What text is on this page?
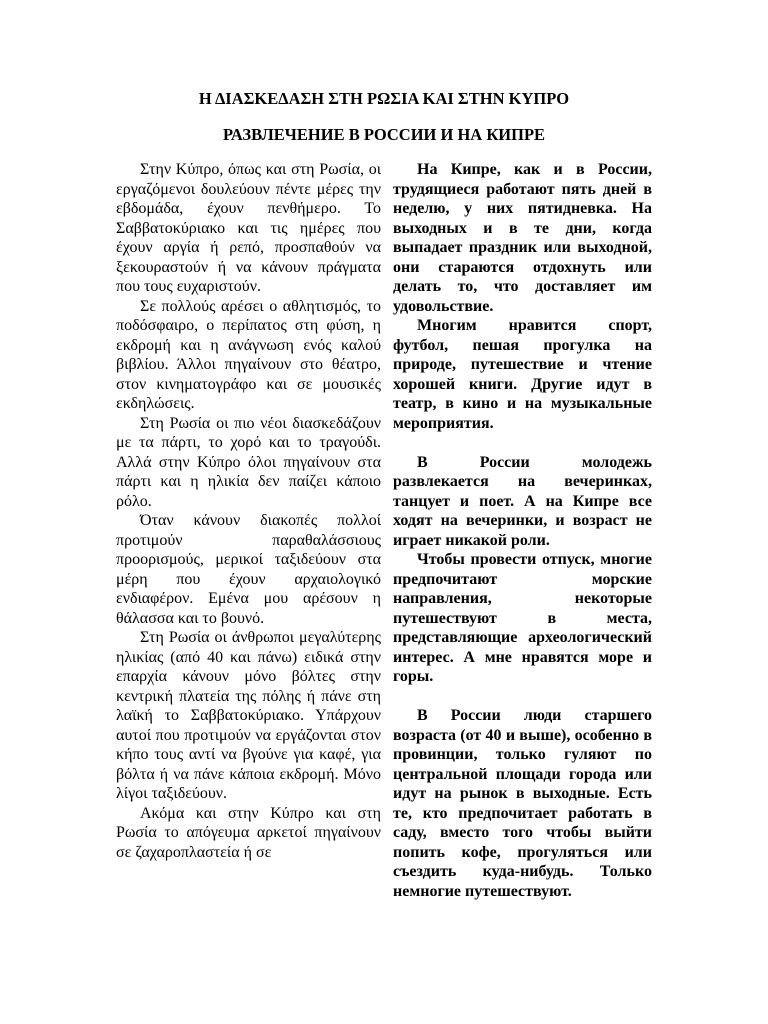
Η ΔΙΑΣΚΕΔΑΣΗ ΣΤΗ ΡΩΣΙΑ ΚΑΙ ΣΤΗΝ ΚΥΠΡΟ
РАЗВЛЕЧЕНИЕ В РОССИИ И НА КИПРЕ

Στην Κύπρο, όπως και στη Ρωσία, οι εργαζόμενοι δουλεύουν πέντε μέρες την εβδομάδα, έχουν πενθήμερο. Το Σαββατοκύριακο και τις ημέρες που έχουν αργία ή ρεπό, προσπαθούν να ξεκουραστούν ή να κάνουν πράγματα που τους ευχαριστούν.

Σε πολλούς αρέσει ο αθλητισμός, το ποδόσφαιρο, ο περίπατος στη φύση, η εκδρομή και η ανάγνωση ενός καλού βιβλίου. Άλλοι πηγαίνουν στο θέατρο, στον κινηματογράφο και σε μουσικές εκδηλώσεις.

Στη Ρωσία οι πιο νέοι διασκεδάζουν με τα πάρτι, το χορό και το τραγούδι. Αλλά στην Κύπρο όλοι πηγαίνουν στα πάρτι και η ηλικία δεν παίζει κάποιο ρόλο.

Όταν κάνουν διακοπές πολλοί προτιμούν παραθαλάσσιους προορισμούς, μερικοί ταξιδεύουν στα μέρη που έχουν αρχαιολογικό ενδιαφέρον. Εμένα μου αρέσουν η θάλασσα και το βουνό.

Στη Ρωσία οι άνθρωποι μεγαλύτερης ηλικίας (από 40 και πάνω) ειδικά στην επαρχία κάνουν μόνο βόλτες στην κεντρική πλατεία της πόλης ή πάνε στη λαϊκή το Σαββατοκύριακο. Υπάρχουν αυτοί που προτιμούν να εργάζονται στον κήπο τους αντί να βγούνε για καφέ, για βόλτα ή να πάνε κάποια εκδρομή. Μόνο λίγοι ταξιδεύουν.

Ακόμα και στην Κύπρο και στη Ρωσία το απόγευμα αρκετοί πηγαίνουν σε ζαχαροπλαστεία ή σε

На Кипре, как и в России, трудящиеся работают пять дней в неделю, у них пятидневка. На выходных и в те дни, когда выпадает праздник или выходной, они стараются отдохнуть или делать то, что доставляет им удовольствие.

Многим нравится спорт, футбол, пешая прогулка на природе, путешествие и чтение хорошей книги. Другие идут в театр, в кино и на музыкальные мероприятия.

В России молодежь развлекается на вечеринках, танцует и поет. А на Кипре все ходят на вечеринки, и возраст не играет никакой роли.

Чтобы провести отпуск, многие предпочитают морские направления, некоторые путешествуют в места, представляющие археологический интерес. А мне нравятся море и горы.

В России люди старшего возраста (от 40 и выше), особенно в провинции, только гуляют по центральной площади города или идут на рынок в выходные. Есть те, кто предпочитает работать в саду, вместо того чтобы выйти попить кофе, прогуляться или съездить куда-нибудь. Только немногие путешествуют.
